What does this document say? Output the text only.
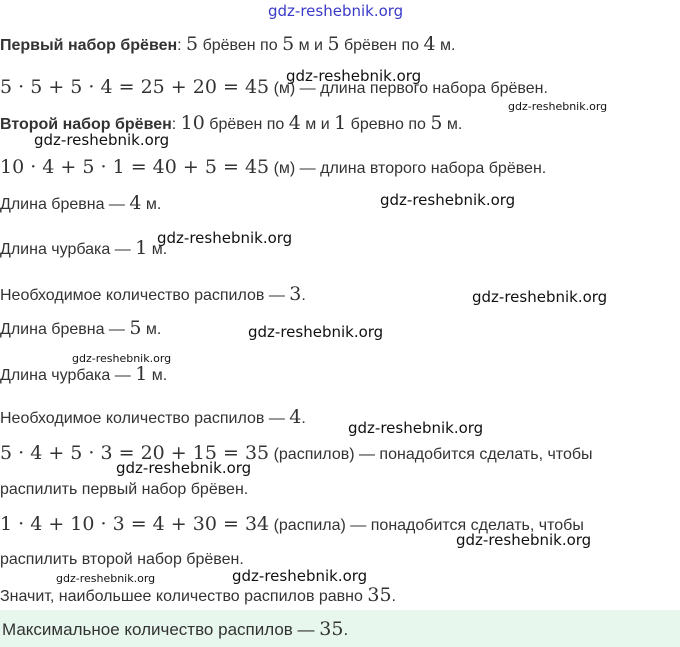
gdz-reshebnik.org
gdz-reshebnik.org
gdz-reshebnik.org
gdz-reshebnik.org
gdz-reshebnik.org
gdz-reshebnik.org
gdz-reshebnik.org
gdz-reshebnik.org
gdz-reshebnik.org
gdz-reshebnik.org
gdz-reshebnik.org
gdz-reshebnik.org
gdz-reshebnik.org	gdz-reshebnik.org
Первый набор брёвен: 5 брёвен по 5 м и 5 брёвен по 4 м.
5 · 5 + 5 · 4 = 25 + 20 = 45 (м) — длина первого набора брёвен.
Второй набор брёвен: 10 брёвен по 4 м и 1 бревно по 5 м.
10 · 4 + 5 · 1 = 40 + 5 = 45 (м) — длина второго набора брёвен.
Длина бревна — 4 м.
Длина чурбака — 1 м.
Необходимое количество распилов — 3.
Длина бревна — 5 м.
Длина чурбака — 1 м.
Необходимое количество распилов — 4.
5 · 4 + 5 · 3 = 20 + 15 = 35 (распилов) — понадобится сделать, чтобы
распилить первый набор брёвен.
1 · 4 + 10 · 3 = 4 + 30 = 34 (распила) — понадобится сделать, чтобы
распилить второй набор брёвен.
Значит, наибольшее количество распилов равно 35.
Максимальное количество распилов — 35.
